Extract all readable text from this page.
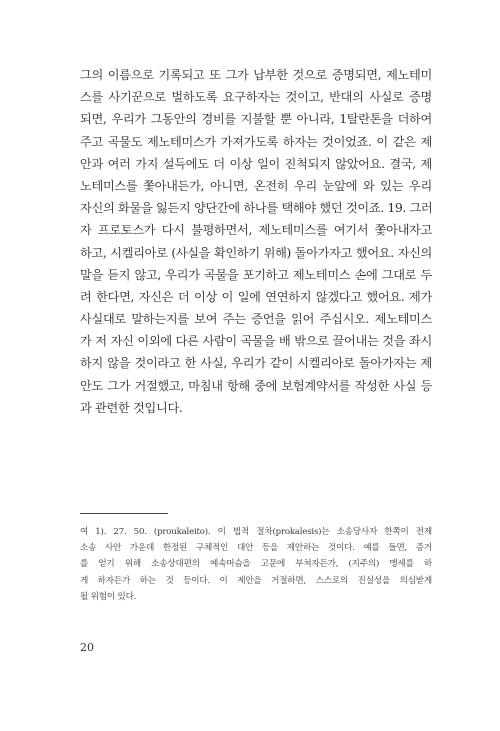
그의 이름으로 기록되고 또 그가 납부한 것으로 증명되면, 제노테미
스를 사기꾼으로 벌하도록 요구하자는 것이고, 반대의 사실로 증명
되면, 우리가 그동안의 경비를 지불할 뿐 아니라, 1탈란톤을 더하여
주고 곡물도 제노테미스가 가져가도록 하자는 것이었죠. 이 같은 제
안과 여러 가지 설득에도 더 이상 일이 진척되지 않았어요. 결국, 제
노테미스를 쫓아내든가, 아니면, 온전히 우리 눈앞에 와 있는 우리
자신의 화물을 잃든지 양단간에 하나를 택해야 했던 것이죠. 19. 그러
자 프로토스가 다시 불평하면서, 제노테미스를 여기서 쫓아내자고
하고, 시켈리아로 (사실을 확인하기 위해) 돌아가자고 했어요. 자신의
말을 듣지 않고, 우리가 곡물을 포기하고 제노테미스 손에 그대로 두
려 한다면, 자신은 더 이상 이 일에 연연하지 않겠다고 했어요. 제가
사실대로 말하는지를 보여 주는 증언을 읽어 주십시오. 제노테미스
가 저 자신 이외에 다른 사람이 곡물을 배 밖으로 끌어내는 것을 좌시
하지 않을 것이라고 한 사실, 우리가 같이 시켈리아로 돌아가자는 제
안도 그가 거절했고, 마침내 항해 중에 보험계약서를 작성한 사실 등
과 관련한 것입니다.
여 1). 27. 50. (proukaleito). 이 법적 절차(prokalesis)는 소송당사자 한쪽이 전제
소송 사안 가운데 한정된 구체적인 대안 등을 제안하는 것이다. 예를 들면, 증거
를 얻기 위해 소송상대편의 예속머슴을 고문에 부쳐자든가, (지주의) 맹세를 하
게 하자든가 하는 것 등이다. 이 제안을 거절하면, 스스로의 진실성을 의심받게
될 위험이 있다.
20
